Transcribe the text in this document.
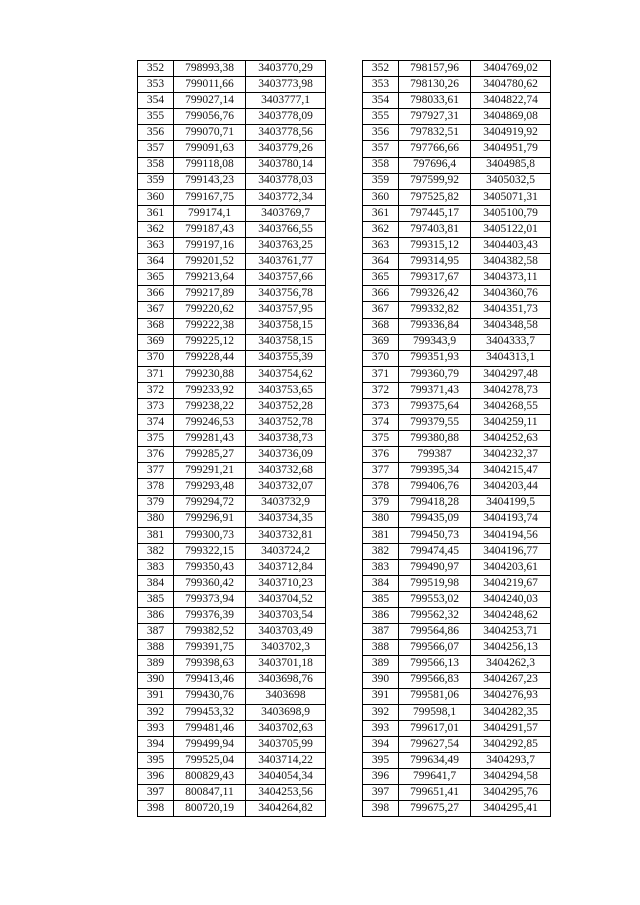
352	798993,38	3403770,29
353	799011,66	3403773,98
354	799027,14	3403777,1
355	799056,76	3403778,09
356	799070,71	3403778,56
357	799091,63	3403779,26
358	799118,08	3403780,14
359	799143,23	3403778,03
360	799167,75	3403772,34
361	799174,1	3403769,7
362	799187,43	3403766,55
363	799197,16	3403763,25
364	799201,52	3403761,77
365	799213,64	3403757,66
366	799217,89	3403756,78
367	799220,62	3403757,95
368	799222,38	3403758,15
369	799225,12	3403758,15
370	799228,44	3403755,39
371	799230,88	3403754,62
372	799233,92	3403753,65
373	799238,22	3403752,28
374	799246,53	3403752,78
375	799281,43	3403738,73
376	799285,27	3403736,09
377	799291,21	3403732,68
378	799293,48	3403732,07
379	799294,72	3403732,9
380	799296,91	3403734,35
381	799300,73	3403732,81
382	799322,15	3403724,2
383	799350,43	3403712,84
384	799360,42	3403710,23
385	799373,94	3403704,52
386	799376,39	3403703,54
387	799382,52	3403703,49
388	799391,75	3403702,3
389	799398,63	3403701,18
390	799413,46	3403698,76
391	799430,76	3403698
392	799453,32	3403698,9
393	799481,46	3403702,63
394	799499,94	3403705,99
395	799525,04	3403714,22
396	800829,43	3404054,34
397	800847,11	3404253,56
398	800720,19	3404264,82
352	798157,96	3404769,02
353	798130,26	3404780,62
354	798033,61	3404822,74
355	797927,31	3404869,08
356	797832,51	3404919,92
357	797766,66	3404951,79
358	797696,4	3404985,8
359	797599,92	3405032,5
360	797525,82	3405071,31
361	797445,17	3405100,79
362	797403,81	3405122,01
363	799315,12	3404403,43
364	799314,95	3404382,58
365	799317,67	3404373,11
366	799326,42	3404360,76
367	799332,82	3404351,73
368	799336,84	3404348,58
369	799343,9	3404333,7
370	799351,93	3404313,1
371	799360,79	3404297,48
372	799371,43	3404278,73
373	799375,64	3404268,55
374	799379,55	3404259,11
375	799380,88	3404252,63
376	799387	3404232,37
377	799395,34	3404215,47
378	799406,76	3404203,44
379	799418,28	3404199,5
380	799435,09	3404193,74
381	799450,73	3404194,56
382	799474,45	3404196,77
383	799490,97	3404203,61
384	799519,98	3404219,67
385	799553,02	3404240,03
386	799562,32	3404248,62
387	799564,86	3404253,71
388	799566,07	3404256,13
389	799566,13	3404262,3
390	799566,83	3404267,23
391	799581,06	3404276,93
392	799598,1	3404282,35
393	799617,01	3404291,57
394	799627,54	3404292,85
395	799634,49	3404293,7
396	799641,7	3404294,58
397	799651,41	3404295,76
398	799675,27	3404295,41
